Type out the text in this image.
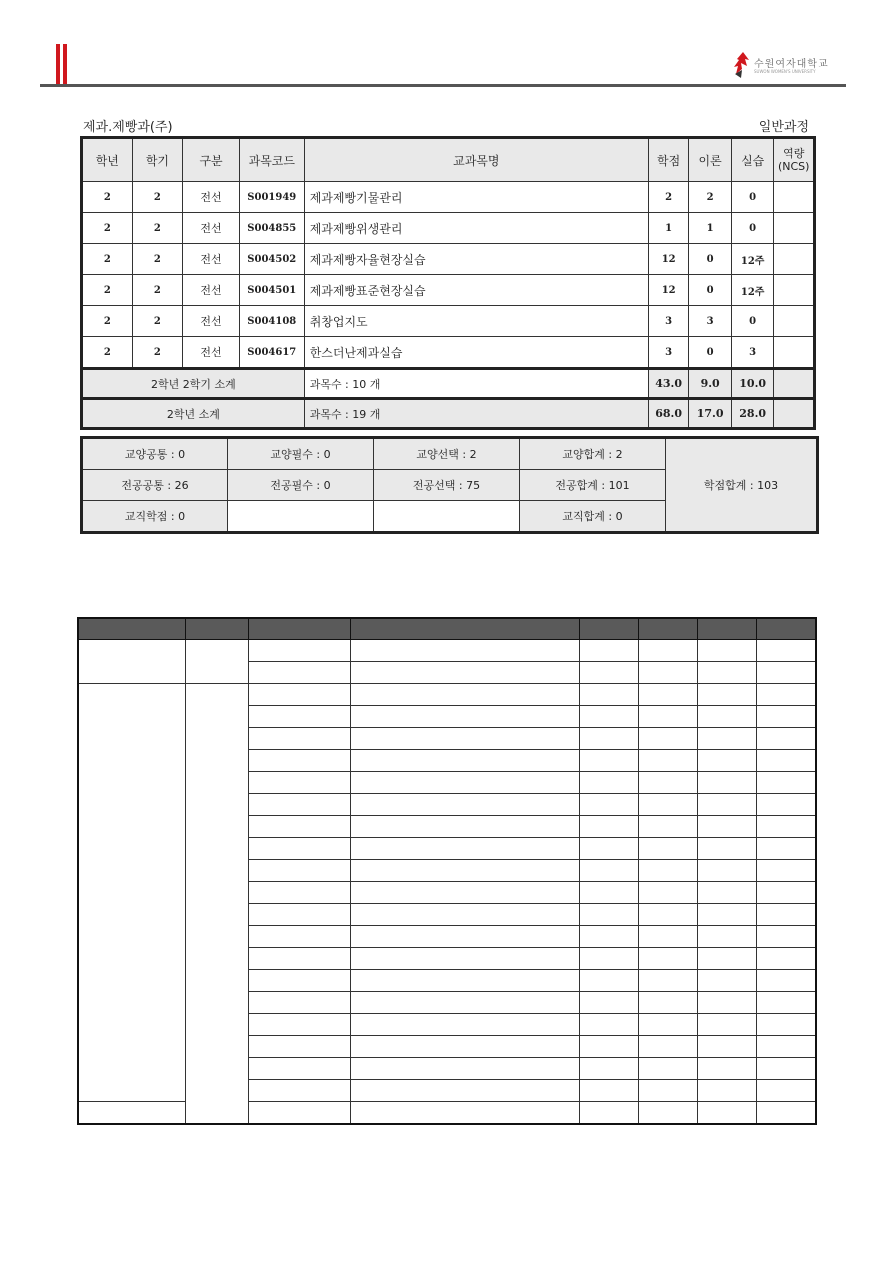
수원여자대학교
SUWON WOMEN'S UNIVERSITY
제과.제빵과(주)	일반과정
학년	학기	구분	과목코드	교과목명	학점	이론	실습	역량
(NCS)
2	2	전선	S001949	제과제빵기물관리	2	2	0	
2	2	전선	S004855	제과제빵위생관리	1	1	0	
2	2	전선	S004502	제과제빵자율현장실습	12	0	12주	
2	2	전선	S004501	제과제빵표준현장실습	12	0	12주	
2	2	전선	S004108	취창업지도	3	3	0	
2	2	전선	S004617	한스더난제과실습	3	0	3	
2학년 2학기 소계				과목수 : 10 개	43.0	9.0	10.0	
2학년 소계				과목수 : 19 개	68.0	17.0	28.0	
교양공통 : 0	교양필수 : 0	교양선택 : 2	교양합계 : 2	학점합계 : 103
전공공통 : 26	전공필수 : 0	전공선택 : 75	전공합계 : 101	
교직학점 : 0			교직합계 : 0	
